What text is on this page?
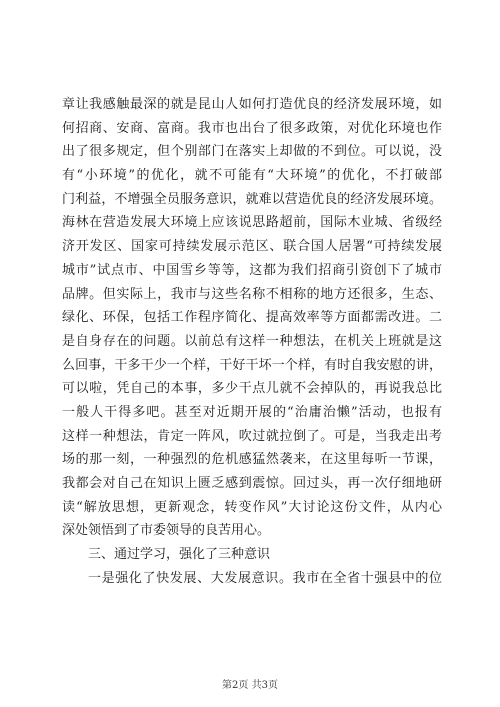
章让我感触最深的就是昆山人如何打造优良的经济发展环境，如
何招商、安商、富商。我市也出台了很多政策，对优化环境也作
出了很多规定，但个别部门在落实上却做的不到位。可以说，没
有“小环境”的优化，就不可能有“大环境”的优化，不打破部
门利益，不增强全员服务意识，就难以营造优良的经济发展环境。
海林在营造发展大环境上应该说思路超前，国际木业城、省级经
济开发区、国家可持续发展示范区、联合国人居署“可持续发展
城市”试点市、中国雪乡等等，这都为我们招商引资创下了城市
品牌。但实际上，我市与这些名称不相称的地方还很多，生态、
绿化、环保，包括工作程序简化、提高效率等方面都需改进。二
是自身存在的问题。以前总有这样一种想法，在机关上班就是这
么回事，干多干少一个样，干好干坏一个样，有时自我安慰的讲，
可以啦，凭自己的本事，多少干点儿就不会掉队的，再说我总比
一般人干得多吧。甚至对近期开展的“治庸治懒”活动，也报有
这样一种想法，肯定一阵风，吹过就拉倒了。可是，当我走出考
场的那一刻，一种强烈的危机感猛然袭来，在这里每听一节课，
我都会对自己在知识上匮乏感到震惊。回过头，再一次仔细地研
读“解放思想，更新观念，转变作风”大讨论这份文件，从内心
深处领悟到了市委领导的良苦用心。
三、通过学习，强化了三种意识
一是强化了快发展、大发展意识。我市在全省十强县中的位
第2页 共3页
